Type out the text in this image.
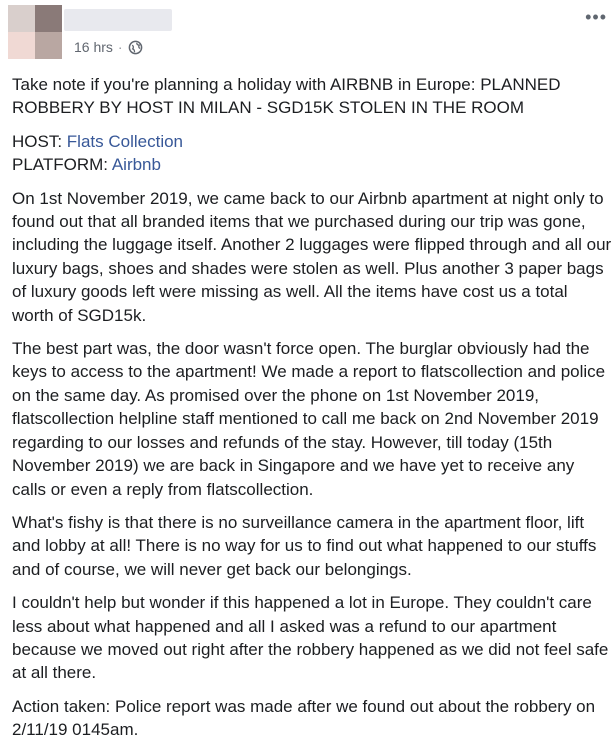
16 hrs ·
•••

Take note if you're planning a holiday with AIRBNB in Europe: PLANNED ROBBERY BY HOST IN MILAN - SGD15K STOLEN IN THE ROOM

HOST: Flats Collection
PLATFORM: Airbnb

On 1st November 2019, we came back to our Airbnb apartment at night only to found out that all branded items that we purchased during our trip was gone, including the luggage itself. Another 2 luggages were flipped through and all our luxury bags, shoes and shades were stolen as well. Plus another 3 paper bags of luxury goods left were missing as well. All the items have cost us a total worth of SGD15k.

The best part was, the door wasn't force open. The burglar obviously had the keys to access to the apartment! We made a report to flatscollection and police on the same day. As promised over the phone on 1st November 2019, flatscollection helpline staff mentioned to call me back on 2nd November 2019 regarding to our losses and refunds of the stay. However, till today (15th November 2019) we are back in Singapore and we have yet to receive any calls or even a reply from flatscollection.

What's fishy is that there is no surveillance camera in the apartment floor, lift and lobby at all! There is no way for us to find out what happened to our stuffs and of course, we will never get back our belongings.

I couldn't help but wonder if this happened a lot in Europe. They couldn't care less about what happened and all I asked was a refund to our apartment because we moved out right after the robbery happened as we did not feel safe at all there.

Action taken: Police report was made after we found out about the robbery on 2/11/19 0145am.
